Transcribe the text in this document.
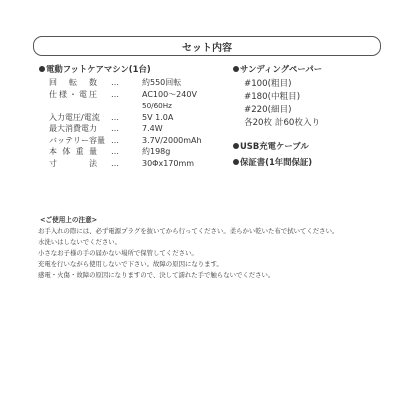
セット内容
電動フットケアマシン(1台)
回 転 数 …	約550回転
仕 様 ・ 電 圧 …	AC100～240V
50/60Hz
入力電圧/電流 …	5V 1.0A
最大消費電力 …	7.4W
バッテリー容量 …	3.7V/2000mAh
本 体 重 量 …	約198g
寸	法 …	30Φx170mm
サンディングペーパー
#100(粗目)
#180(中粗目)
#220(細目)
各20枚 計60枚入り
USB充電ケーブル
保証書(1年間保証)
<ご使用上の注意>
お手入れの際には、必ず電源プラグを抜いてから行ってください。柔らかい乾いた布で拭いてください。
水洗いはしないでください。
小さなお子様の手の届かない場所で保管してください。
充電を行いながら使用しないで下さい。故障の原因になります。
感電・火傷・故障の原因になりますので、決して濡れた手で触らないでください。
